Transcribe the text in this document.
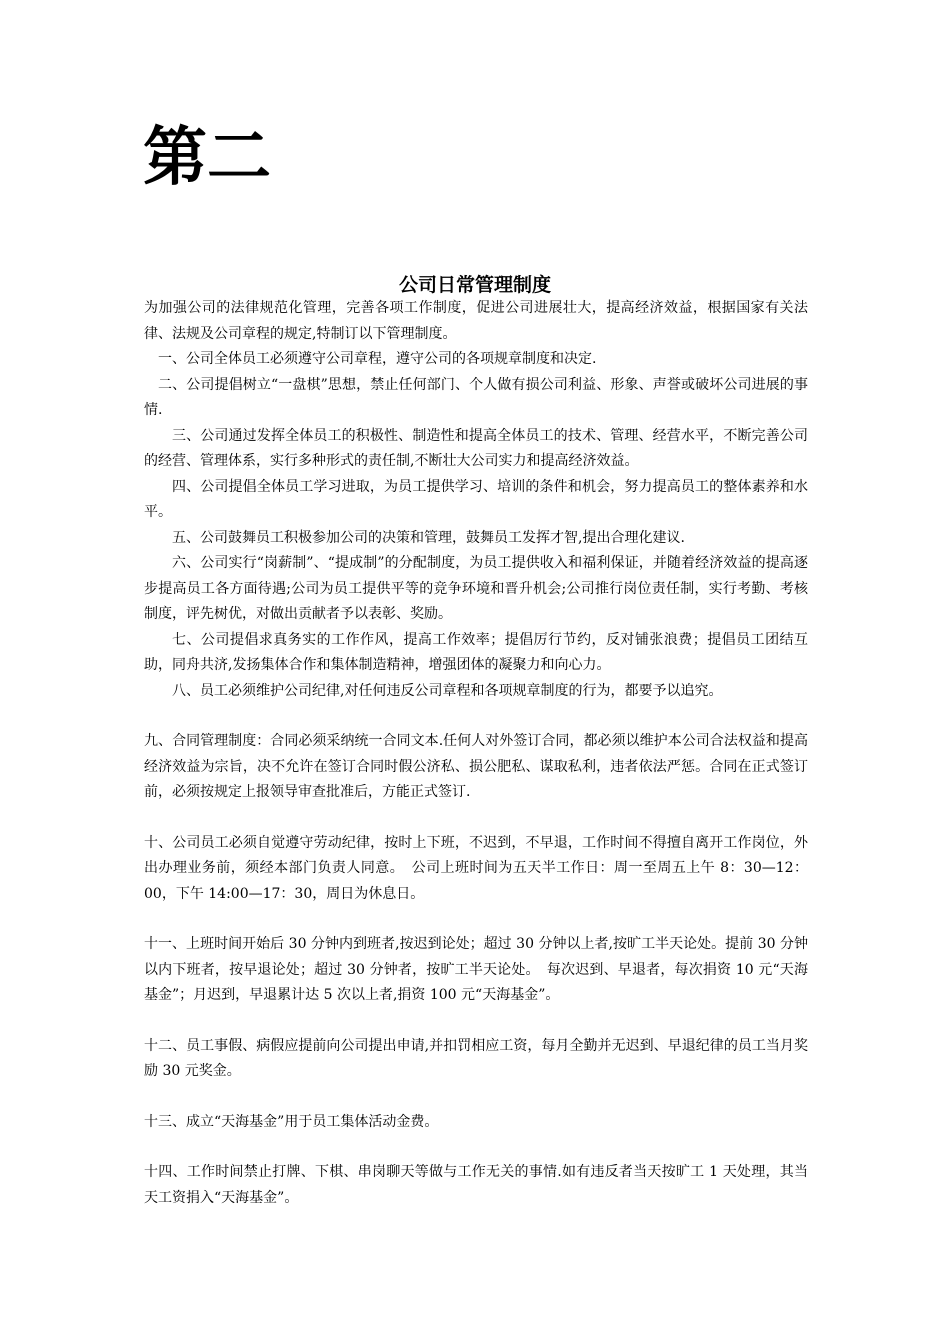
第二
公司日常管理制度

为加强公司的法律规范化管理，完善各项工作制度，促进公司进展壮大，提高经济效益，根据国家有关法律、法规及公司章程的规定,特制订以下管理制度。

一、公司全体员工必须遵守公司章程，遵守公司的各项规章制度和决定.

二、公司提倡树立“一盘棋”思想，禁止任何部门、个人做有损公司利益、形象、声誉或破坏公司进展的事情.

三、公司通过发挥全体员工的积极性、制造性和提高全体员工的技术、管理、经营水平，不断完善公司的经营、管理体系，实行多种形式的责任制,不断壮大公司实力和提高经济效益。

四、公司提倡全体员工学习进取，为员工提供学习、培训的条件和机会，努力提高员工的整体素养和水平。

五、公司鼓舞员工积极参加公司的决策和管理，鼓舞员工发挥才智,提出合理化建议.

六、公司实行“岗薪制”、“提成制”的分配制度，为员工提供收入和福利保证，并随着经济效益的提高逐步提高员工各方面待遇;公司为员工提供平等的竞争环境和晋升机会;公司推行岗位责任制，实行考勤、考核制度，评先树优，对做出贡献者予以表彰、奖励。

七、公司提倡求真务实的工作作风，提高工作效率；提倡厉行节约，反对铺张浪费；提倡员工团结互助，同舟共济,发扬集体合作和集体制造精神，增强团体的凝聚力和向心力。

八、员工必须维护公司纪律,对任何违反公司章程和各项规章制度的行为，都要予以追究。

九、合同管理制度：合同必须采纳统一合同文本.任何人对外签订合同，都必须以维护本公司合法权益和提高经济效益为宗旨，决不允许在签订合同时假公济私、损公肥私、谋取私利，违者依法严惩。合同在正式签订前，必须按规定上报领导审查批准后，方能正式签订.

十、公司员工必须自觉遵守劳动纪律，按时上下班，不迟到，不早退，工作时间不得擅自离开工作岗位，外出办理业务前，须经本部门负责人同意。　公司上班时间为五天半工作日：周一至周五上午 8：30—12：00，下午 14:00—17：30，周日为休息日。

十一、上班时间开始后 30 分钟内到班者,按迟到论处；超过 30 分钟以上者,按旷工半天论处。提前 30 分钟以内下班者，按早退论处；超过 30 分钟者，按旷工半天论处。　每次迟到、早退者，每次捐资 10 元“天海基金”；月迟到，早退累计达 5 次以上者,捐资 100 元“天海基金”。

十二、员工事假、病假应提前向公司提出申请,并扣罚相应工资，每月全勤并无迟到、早退纪律的员工当月奖励 30 元奖金。

十三、成立“天海基金”用于员工集体活动金费。

十四、工作时间禁止打牌、下棋、串岗聊天等做与工作无关的事情.如有违反者当天按旷工 1 天处理，其当天工资捐入“天海基金”。
